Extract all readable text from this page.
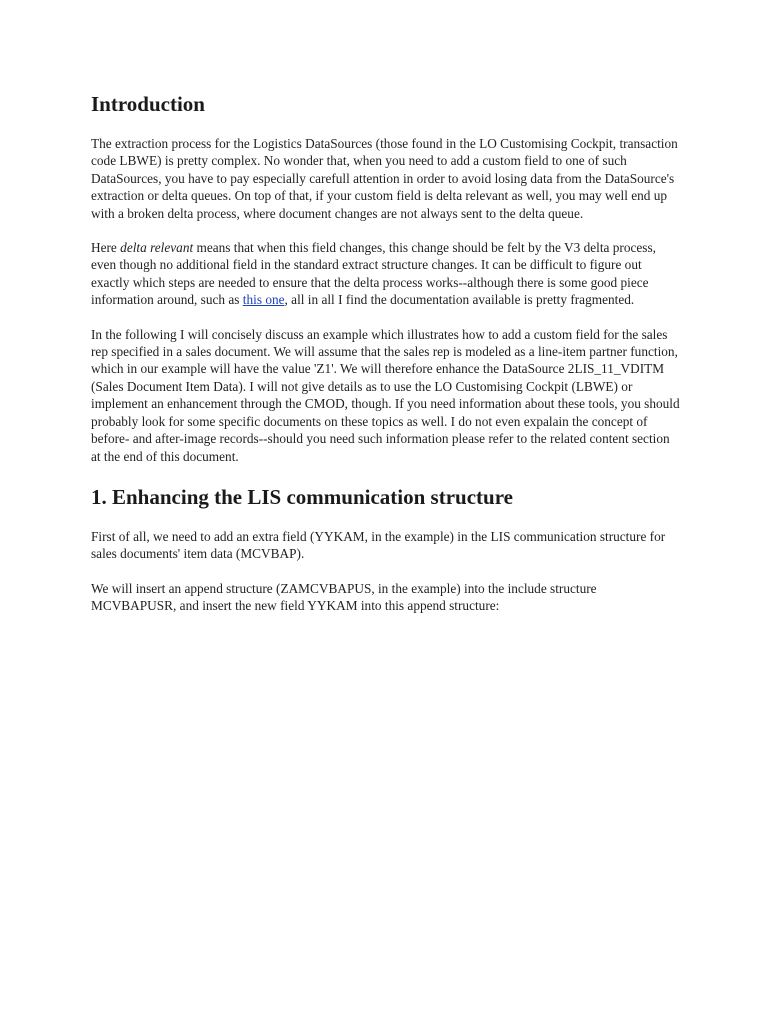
Introduction

The extraction process for the Logistics DataSources (those found in the LO Customising Cockpit, transaction code LBWE) is pretty complex. No wonder that, when you need to add a custom field to one of such DataSources, you have to pay especially carefull attention in order to avoid losing data from the DataSource's extraction or delta queues. On top of that, if your custom field is delta relevant as well, you may well end up with a broken delta process, where document changes are not always sent to the delta queue.

Here delta relevant means that when this field changes, this change should be felt by the V3 delta process, even though no additional field in the standard extract structure changes. It can be difficult to figure out exactly which steps are needed to ensure that the delta process works--although there is some good piece information around, such as this one, all in all I find the documentation available is pretty fragmented.

In the following I will concisely discuss an example which illustrates how to add a custom field for the sales rep specified in a sales document. We will assume that the sales rep is modeled as a line-item partner function, which in our example will have the value 'Z1'. We will therefore enhance the DataSource 2LIS_11_VDITM (Sales Document Item Data). I will not give details as to use the LO Customising Cockpit (LBWE) or implement an enhancement through the CMOD, though. If you need information about these tools, you should probably look for some specific documents on these topics as well. I do not even expalain the concept of before- and after-image records--should you need such information please refer to the related content section at the end of this document.

1. Enhancing the LIS communication structure

First of all, we need to add an extra field (YYKAM, in the example) in the LIS communication structure for sales documents' item data (MCVBAP).

We will insert an append structure (ZAMCVBAPUS, in the example) into the include structure MCVBAPUSR, and insert the new field YYKAM into this append structure:
